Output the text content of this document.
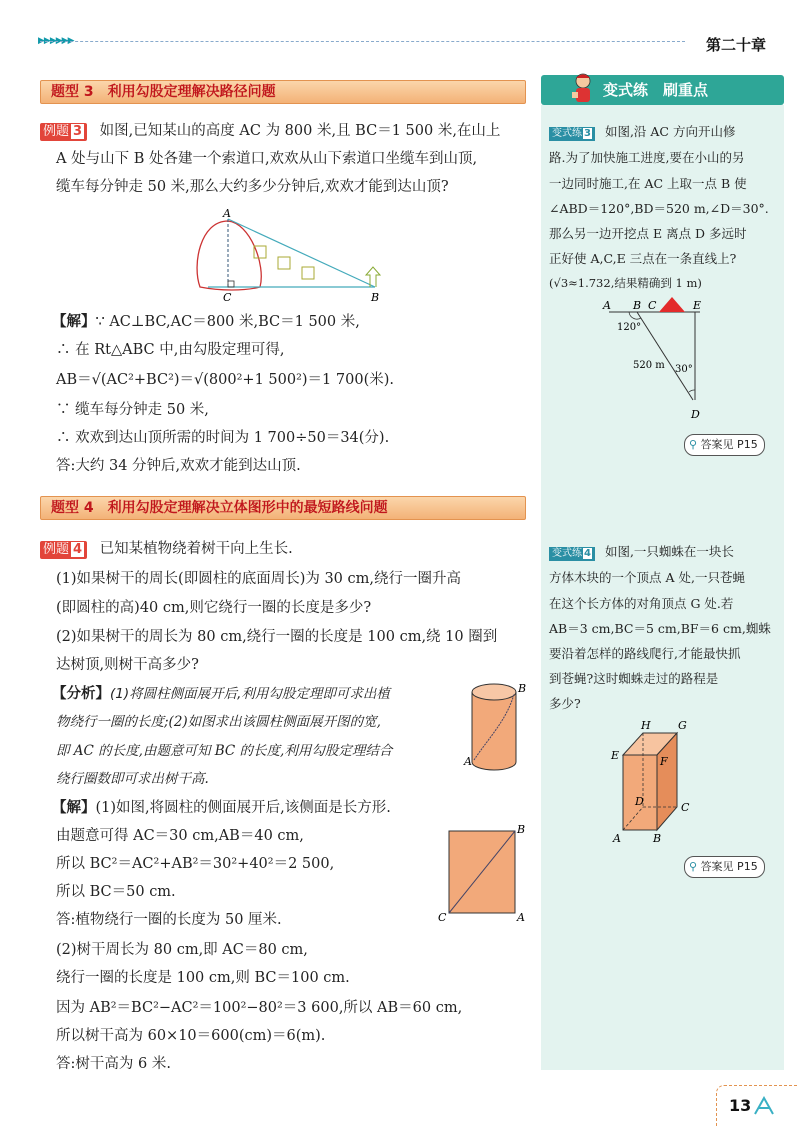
▶▶▶▶▶▶	第二十章
变式练　刷重点
题型 3　利用勾股定理解决路径问题
例题 3 如图,已知某山的高度 AC 为 800 米,且 BC＝1 500 米,在山上
A 处与山下 B 处各建一个索道口,欢欢从山下索道口坐缆车到山顶,
缆车每分钟走 50 米,那么大约多少分钟后,欢欢才能到达山顶?
A
C	B
【解】∵ AC⊥BC,AC＝800 米,BC＝1 500 米,
∴ 在 Rt△ABC 中,由勾股定理可得,
AB＝√(AC²+BC²)＝√(800²+1 500²)＝1 700(米).
∵ 缆车每分钟走 50 米,
∴ 欢欢到达山顶所需的时间为 1 700÷50＝34(分).
答:大约 34 分钟后,欢欢才能到达山顶.
题型 4　利用勾股定理解决立体图形中的最短路线问题
例题 4 已知某植物绕着树干向上生长.
(1)如果树干的周长(即圆柱的底面周长)为 30 cm,绕行一圈升高
(即圆柱的高)40 cm,则它绕行一圈的长度是多少?
(2)如果树干的周长为 80 cm,绕行一圈的长度是 100 cm,绕 10 圈到
达树顶,则树干高多少?
【分析】(1)将圆柱侧面展开后,利用勾股定理即可求出植
物绕行一圈的长度;(2)如图求出该圆柱侧面展开图的宽,
即 AC 的长度,由题意可知 BC 的长度,利用勾股定理结合
绕行圈数即可求出树干高.
B
A
B
A
C
【解】(1)如图,将圆柱的侧面展开后,该侧面是长方形.
由题意可得 AC＝30 cm,AB＝40 cm,
所以 BC²＝AC²+AB²＝30²+40²＝2 500,
所以 BC＝50 cm.
答:植物绕行一圈的长度为 50 厘米.
(2)树干周长为 80 cm,即 AC＝80 cm,
绕行一圈的长度是 100 cm,则 BC＝100 cm.
因为 AB²＝BC²−AC²＝100²−80²＝3 600,所以 AB＝60 cm,
所以树干高为 60×10＝600(cm)＝6(m).
答:树干高为 6 米.
变式练 3 如图,沿 AC 方向开山修
路.为了加快施工进度,要在小山的另
一边同时施工,在 AC 上取一点 B 使
∠ABD＝120°,BD＝520 m,∠D＝30°.
那么另一边开挖点 E 离点 D 多远时
正好使 A,C,E 三点在一条直线上?
(√3≈1.732,结果精确到 1 m)
A B C	E
D
120°
30°
520 m
⚲ 答案见 P15
变式练 4 如图,一只蜘蛛在一块长
方体木块的一个顶点 A 处,一只苍蝇
在这个长方体的对角顶点 G 处.若
AB＝3 cm,BC＝5 cm,BF＝6 cm,蜘蛛
要沿着怎样的路线爬行,才能最快抓
到苍蝇?这时蜘蛛走过的路程是
多少?
H G
E	F
D	C
A	B
⚲ 答案见 P15
13
